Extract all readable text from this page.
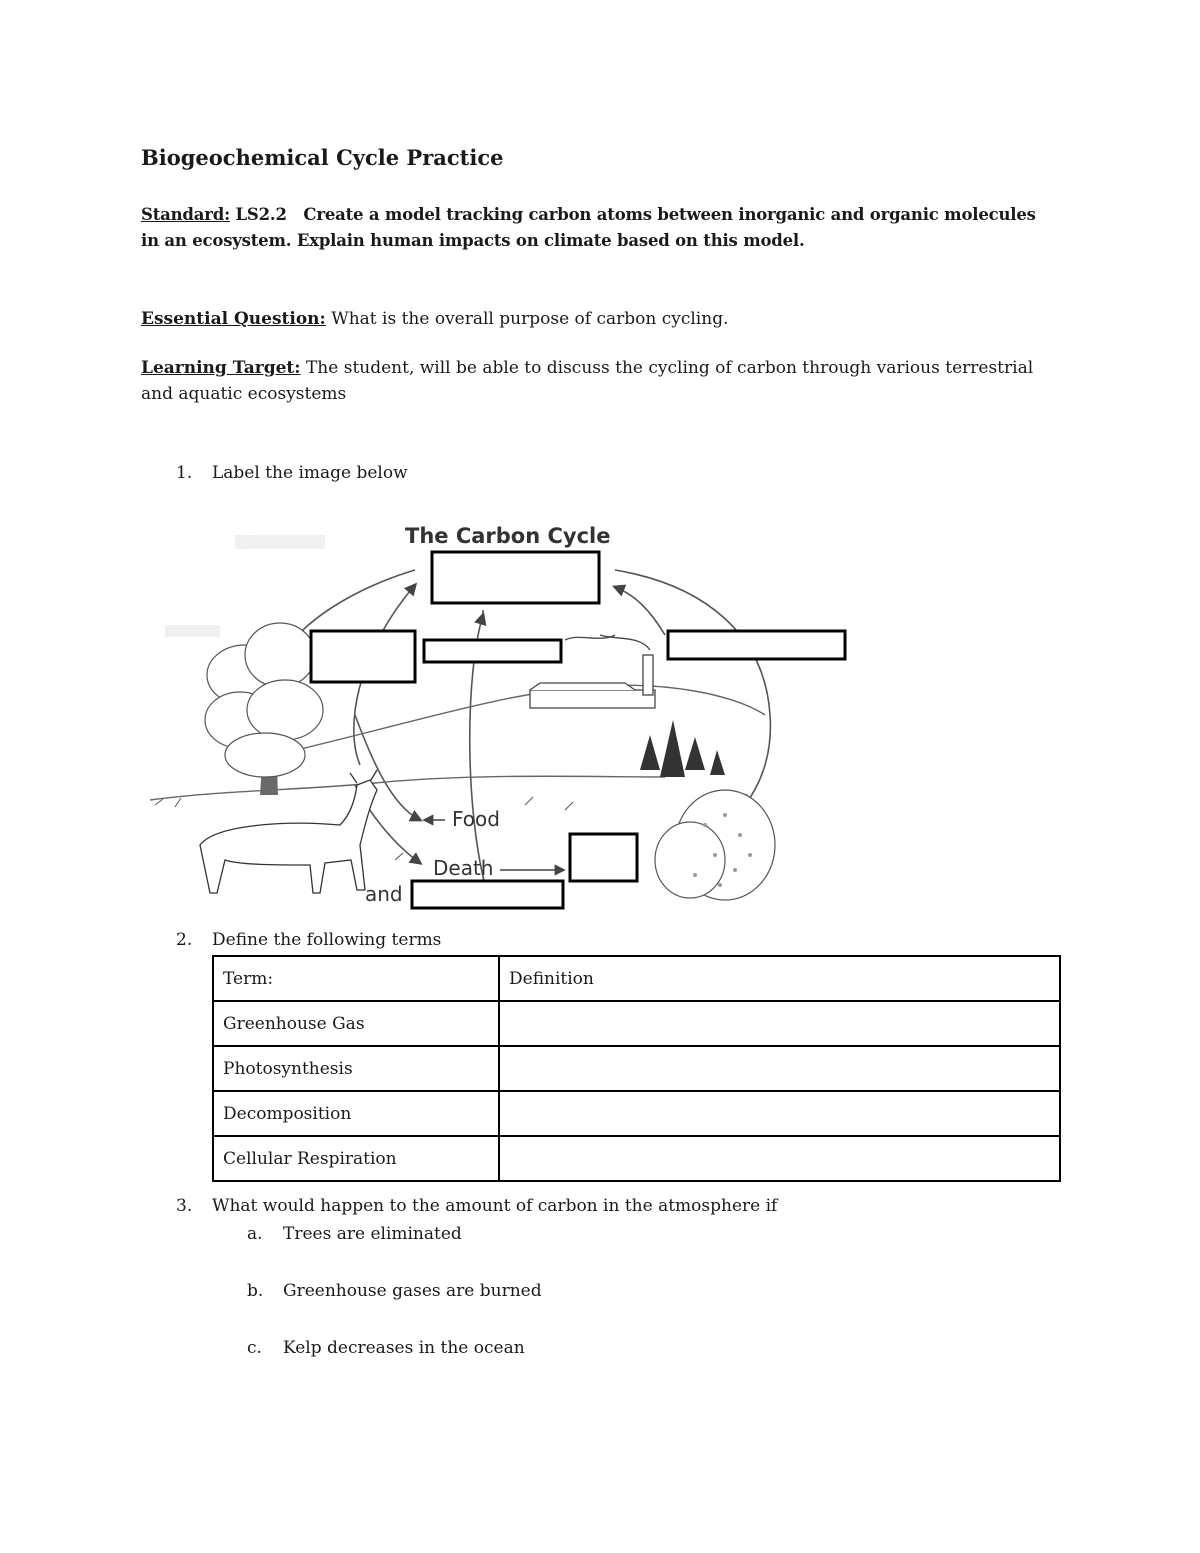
Biogeochemical Cycle Practice
Standard: LS2.2 Create a model tracking carbon atoms between inorganic and organic molecules
in an ecosystem. Explain human impacts on climate based on this model.
Essential Question: What is the overall purpose of carbon cycling.
Learning Target: The student, will be able to discuss the cycling of carbon through various terrestrial
and aquatic ecosystems
1. Label the image below
The Carbon Cycle
Food
Death
and
2. Define the following terms
Term:	Definition
Greenhouse Gas	
Photosynthesis	
Decomposition	
Cellular Respiration	
3. What would happen to the amount of carbon in the atmosphere if
a. Trees are eliminated
b. Greenhouse gases are burned
c. Kelp decreases in the ocean
